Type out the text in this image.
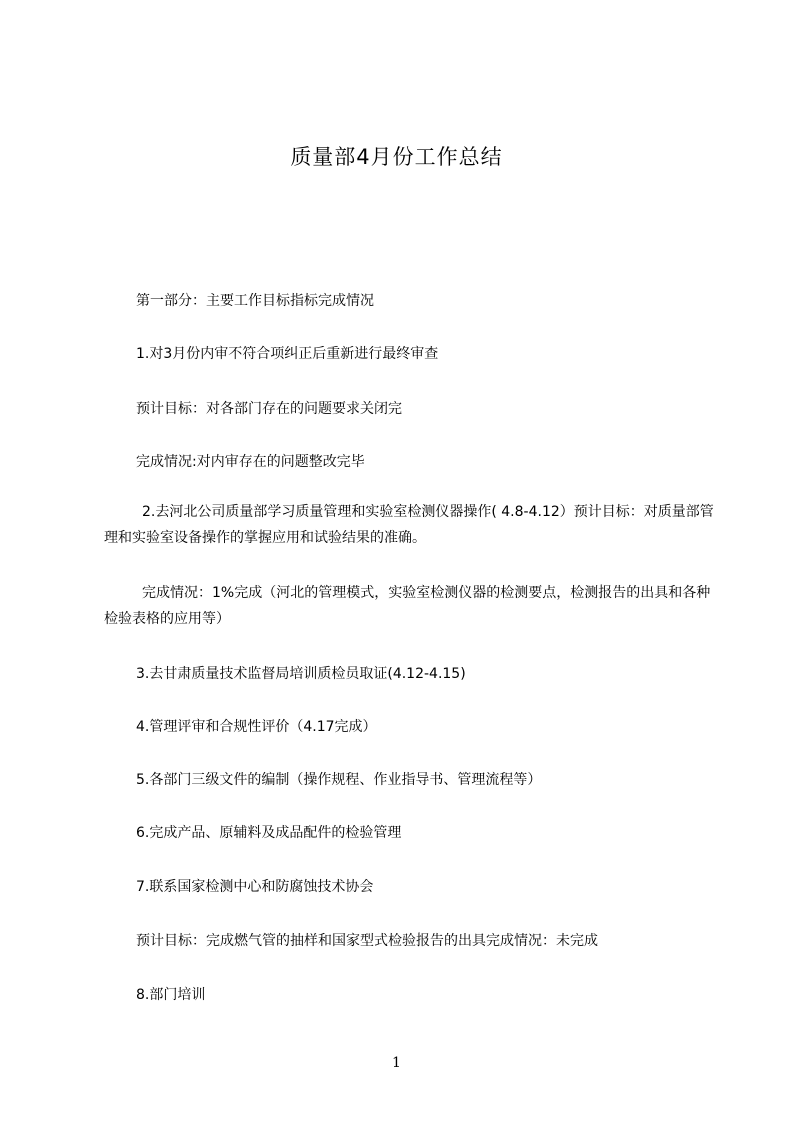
质量部4月份工作总结
第一部分：主要工作目标指标完成情况
1.对3月份内审不符合项纠正后重新进行最终审查
预计目标：对各部门存在的问题要求关闭完
完成情况:对内审存在的问题整改完毕
2.去河北公司质量部学习质量管理和实验室检测仪器操作( 4.8-4.12）预计目标：对质量部管理和实验室设备操作的掌握应用和试验结果的准确。
完成情况：1%完成（河北的管理模式，实验室检测仪器的检测要点，检测报告的出具和各种检验表格的应用等）
3.去甘肃质量技术监督局培训质检员取证(4.12-4.15)
4.管理评审和合规性评价（4.17完成）
5.各部门三级文件的编制（操作规程、作业指导书、管理流程等）
6.完成产品、原辅料及成品配件的检验管理
7.联系国家检测中心和防腐蚀技术协会
预计目标：完成燃气管的抽样和国家型式检验报告的出具完成情况：未完成
8.部门培训
1
